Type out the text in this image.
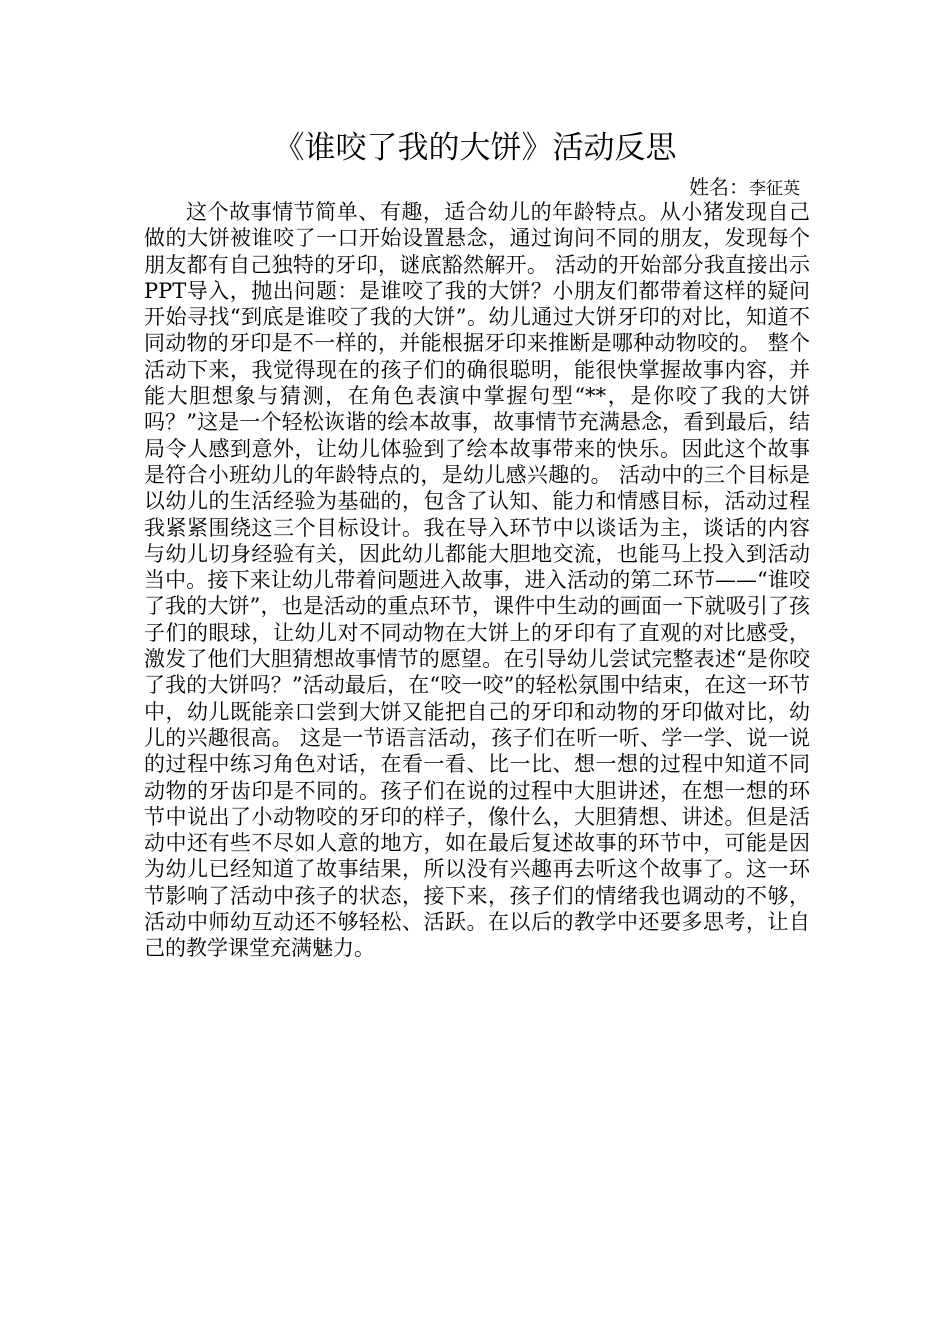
《谁咬了我的大饼》活动反思
姓名：李征英

这个故事情节简单、有趣，适合幼儿的年龄特点。从小猪发现自己做的大饼被谁咬了一口开始设置悬念，通过询问不同的朋友，发现每个朋友都有自己独特的牙印，谜底豁然解开。 活动的开始部分我直接出示PPT导入，抛出问题：是谁咬了我的大饼？小朋友们都带着这样的疑问开始寻找“到底是谁咬了我的大饼”。幼儿通过大饼牙印的对比，知道不同动物的牙印是不一样的，并能根据牙印来推断是哪种动物咬的。 整个活动下来，我觉得现在的孩子们的确很聪明，能很快掌握故事内容，并能大胆想象与猜测，在角色表演中掌握句型“**，是你咬了我的大饼吗？”这是一个轻松诙谐的绘本故事，故事情节充满悬念，看到最后，结局令人感到意外，让幼儿体验到了绘本故事带来的快乐。因此这个故事是符合小班幼儿的年龄特点的，是幼儿感兴趣的。 活动中的三个目标是以幼儿的生活经验为基础的，包含了认知、能力和情感目标，活动过程我紧紧围绕这三个目标设计。我在导入环节中以谈话为主，谈话的内容与幼儿切身经验有关，因此幼儿都能大胆地交流，也能马上投入到活动当中。接下来让幼儿带着问题进入故事，进入活动的第二环节——“谁咬了我的大饼”，也是活动的重点环节，课件中生动的画面一下就吸引了孩子们的眼球，让幼儿对不同动物在大饼上的牙印有了直观的对比感受，激发了他们大胆猜想故事情节的愿望。在引导幼儿尝试完整表述“是你咬了我的大饼吗？”活动最后，在“咬一咬”的轻松氛围中结束，在这一环节中，幼儿既能亲口尝到大饼又能把自己的牙印和动物的牙印做对比，幼儿的兴趣很高。 这是一节语言活动，孩子们在听一听、学一学、说一说的过程中练习角色对话，在看一看、比一比、想一想的过程中知道不同动物的牙齿印是不同的。孩子们在说的过程中大胆讲述，在想一想的环节中说出了小动物咬的牙印的样子，像什么，大胆猜想、讲述。但是活动中还有些不尽如人意的地方，如在最后复述故事的环节中，可能是因为幼儿已经知道了故事结果，所以没有兴趣再去听这个故事了。这一环节影响了活动中孩子的状态，接下来，孩子们的情绪我也调动的不够，活动中师幼互动还不够轻松、活跃。在以后的教学中还要多思考，让自己的教学课堂充满魅力。
